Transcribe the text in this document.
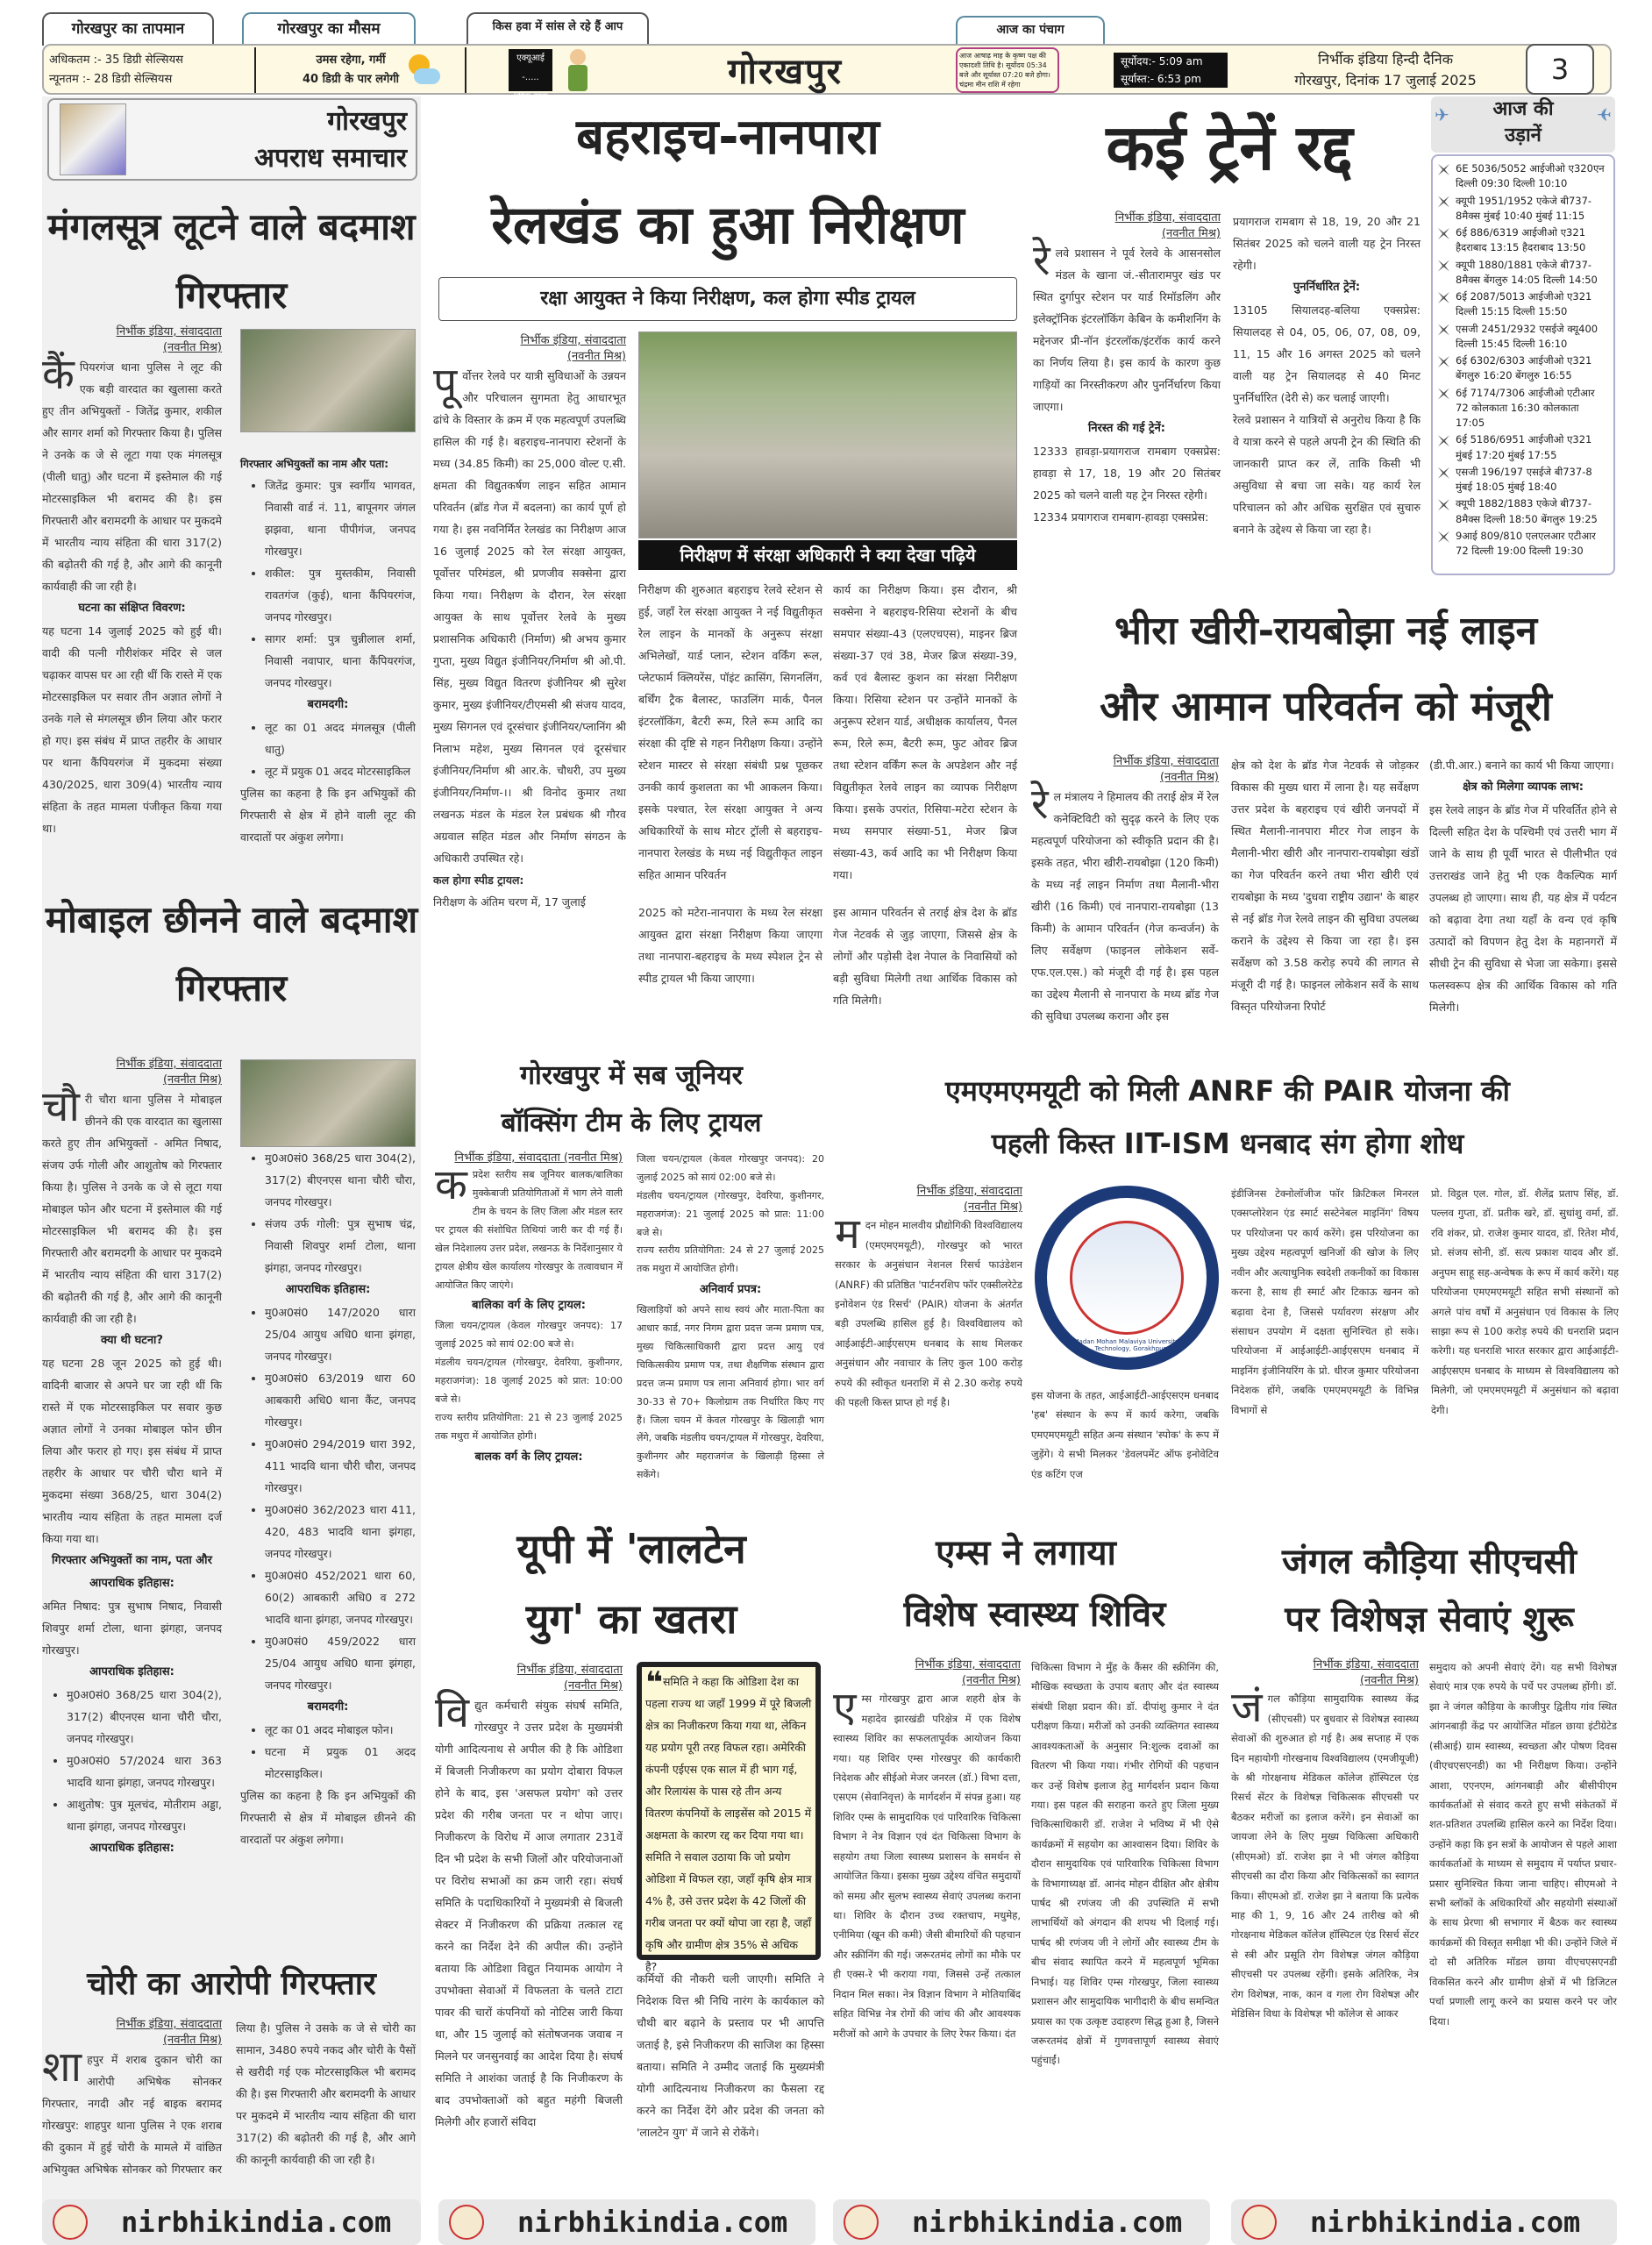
गोरखपुर का तापमान	गोरखपुर का मौसम	किस हवा में सांस ले रहे हैं आप	आज का पंचाग
अधिकतम :- 35 डिग्री सेल्सियस
न्यूनतम :- 28 डिग्री सेल्सियस
उमस रहेगा, गर्मी
40 डिग्री के पार लगेगी
एक्यूआई -.....
(ठीक-ठाक है)
गोरखपुर	आज आषाढ़ माह के कृष्ण पक्ष की एकादशी तिथि है। सूर्योदय 05:34 बजे और सूर्यास्त 07:20 बजे होगा। चंद्रमा मीन राशि में रहेगा
सूर्योदय:- 5:09 am
सूर्यास्त:- 6:53 pm
निर्भीक इंडिया हिन्दी दैनिक
गोरखपुर, दिनांक 17 जुलाई 2025	3
गोरखपुर
अपराध समाचार
मंगलसूत्र लूटने वाले बदमाश गिरफ्तार
निर्भीक इंडिया, संवाददाता
(नवनीत मिश्र)
कैंपियरगंज थाना पुलिस ने लूट की एक बड़ी वारदात का खुलासा करते हुए तीन अभियुक्तों - जितेंद्र कुमार, शकील और सागर शर्मा को गिरफ्तार किया है। पुलिस ने उनके क जे से लूटा गया एक मंगलसूत्र (पीली धातु) और घटना में इस्तेमाल की गई मोटरसाइकिल भी बरामद की है। इस गिरफ्तारी और बरामदगी के आधार पर मुकदमे में भारतीय न्याय संहिता की धारा 317(2) की बढ़ोतरी की गई है, और आगे की कानूनी कार्यवाही की जा रही है।
घटना का संक्षिप्त विवरण:
यह घटना 14 जुलाई 2025 को हुई थी। वादी की पत्नी गौरीशंकर मंदिर से जल चढ़ाकर वापस घर आ रही थीं कि रास्ते में एक मोटरसाइकिल पर सवार तीन अज्ञात लोगों ने उनके गले से मंगलसूत्र छीन लिया और फरार हो गए। इस संबंध में प्राप्त तहरीर के आधार पर थाना कैंपियरगंज में मुकदमा संख्या 430/2025, धारा 309(4) भारतीय न्याय संहिता के तहत मामला पंजीकृत किया गया था।
गिरफ्तार अभियुक्तों का नाम और पता:
• जितेंद्र कुमार: पुत्र स्वर्गीय भागवत, निवासी वार्ड नं. 11, बापूनगर जंगल झझवा, थाना पीपीगंज, जनपद गोरखपुर।
• शकील: पुत्र मुस्तकीम, निवासी रावतगंज (कुई), थाना कैंपियरगंज, जनपद गोरखपुर।
• सागर शर्मा: पुत्र चुन्नीलाल शर्मा, निवासी नवापार, थाना कैंपियरगंज, जनपद गोरखपुर।
बरामदगी:
• लूट का 01 अदद मंगलसूत्र (पीली धातु)
• लूट में प्रयुक 01 अदद मोटरसाइकिल
पुलिस का कहना है कि इन अभियुकों की गिरफ्तारी से क्षेत्र में होने वाली लूट की वारदातों पर अंकुश लगेगा।
मोबाइल छीनने वाले बदमाश गिरफ्तार
निर्भीक इंडिया, संवाददाता
(नवनीत मिश्र)
चौरी चौरा थाना पुलिस ने मोबाइल छीनने की एक वारदात का खुलासा करते हुए तीन अभियुक्तों - अमित निषाद, संजय उर्फ गोली और आशुतोष को गिरफ्तार किया है। पुलिस ने उनके क जे से लूटा गया मोबाइल फोन और घटना में इस्तेमाल की गई मोटरसाइकिल भी बरामद की है। इस गिरफ्तारी और बरामदगी के आधार पर मुकदमे में भारतीय न्याय संहिता की धारा 317(2) की बढ़ोतरी की गई है, और आगे की कानूनी कार्यवाही की जा रही है।
क्या थी घटना?
यह घटना 28 जून 2025 को हुई थी। वादिनी बाजार से अपने घर जा रही थीं कि रास्ते में एक मोटरसाइकिल पर सवार कुछ अज्ञात लोगों ने उनका मोबाइल फोन छीन लिया और फरार हो गए। इस संबंध में प्राप्त तहरीर के आधार पर चौरी चौरा थाने में मुकदमा संख्या 368/25, धारा 304(2) भारतीय न्याय संहिता के तहत मामला दर्ज किया गया था।
गिरफ्तार अभियुक्तों का नाम, पता और आपराधिक इतिहास:
अमित निषाद: पुत्र सुभाष निषाद, निवासी शिवपुर शर्मा टोला, थाना झंगहा, जनपद गोरखपुर।
आपराधिक इतिहास:
• मु0अ0सं0 368/25 धारा 304(2), 317(2) बीएनएस थाना चौरी चौरा, जनपद गोरखपुर।
• मु0अ0सं0 57/2024 धारा 363 भादवि थाना झंगहा, जनपद गोरखपुर।
• आशुतोष: पुत्र मूलचंद, मोतीराम अड्डा, थाना झंगहा, जनपद गोरखपुर।
आपराधिक इतिहास:
• मु0अ0सं0 368/25 धारा 304(2), 317(2) बीएनएस थाना चौरी चौरा, जनपद गोरखपुर।
• संजय उर्फ गोली: पुत्र सुभाष चंद्र, निवासी शिवपुर शर्मा टोला, थाना झंगहा, जनपद गोरखपुर।
आपराधिक इतिहास:
• मु0अ0सं0 147/2020 धारा 25/04 आयुध अधि0 थाना झंगहा, जनपद गोरखपुर।
• मु0अ0सं0 63/2019 धारा 60 आबकारी अधि0 थाना कैंट, जनपद गोरखपुर।
• मु0अ0सं0 294/2019 धारा 392, 411 भादवि थाना चौरी चौरा, जनपद गोरखपुर।
• मु0अ0सं0 362/2023 धारा 411, 420, 483 भादवि थाना झंगहा, जनपद गोरखपुर।
• मु0अ0सं0 452/2021 धारा 60, 60(2) आबकारी अधि0 व 272 भादवि थाना झंगहा, जनपद गोरखपुर।
• मु0अ0सं0 459/2022 धारा 25/04 आयुध अधि0 थाना झंगहा, जनपद गोरखपुर।
बरामदगी:
• लूट का 01 अदद मोबाइल फोन।
• घटना में प्रयुक 01 अदद मोटरसाइकिल।
पुलिस का कहना है कि इन अभियुकों की गिरफ्तारी से क्षेत्र में मोबाइल छीनने की वारदातों पर अंकुश लगेगा।
चोरी का आरोपी गिरफ्तार
निर्भीक इंडिया, संवाददाता
(नवनीत मिश्र)
शाहपुर में शराब दुकान चोरी का आरोपी अभिषेक सोनकर गिरफ्तार, नगदी और नई बाइक बरामद गोरखपुर: शाहपुर थाना पुलिस ने एक शराब की दुकान में हुई चोरी के मामले में वांछित अभियुक्त अभिषेक सोनकर को गिरफ्तार कर लिया है। पुलिस ने उसके क जे से चोरी का सामान, 3480 रुपये नकद और चोरी के पैसों से खरीदी गई एक मोटरसाइकिल भी बरामद की है। इस गिरफ्तारी और बरामदगी के आधार पर मुकदमे में भारतीय न्याय संहिता की धारा 317(2) की बढ़ोतरी की गई है, और आगे की कानूनी कार्यवाही की जा रही है।
बहराइच-नानपारा
रेलखंड का हुआ निरीक्षण
रक्षा आयुक्त ने किया निरीक्षण, कल होगा स्पीड ट्रायल
निर्भीक इंडिया, संवाददाता
(नवनीत मिश्र)
पूर्वोत्तर रेलवे पर यात्री सुविधाओं के उन्नयन और परिचालन सुगमता हेतु आधारभूत ढांचे के विस्तार के क्रम में एक महत्वपूर्ण उपलब्धि हासिल की गई है। बहराइच-नानपारा स्टेशनों के मध्य (34.85 किमी) का 25,000 वोल्ट ए.सी. क्षमता की विद्युतकर्षण लाइन सहित आमान परिवर्तन (ब्रॉड गेज में बदलना) का कार्य पूर्ण हो गया है। इस नवनिर्मित रेलखंड का निरीक्षण आज 16 जुलाई 2025 को रेल संरक्षा आयुक्त, पूर्वोत्तर परिमंडल, श्री प्रणजीव सक्सेना द्वारा किया गया। निरीक्षण के दौरान, रेल संरक्षा आयुक्त के साथ पूर्वोत्तर रेलवे के मुख्य प्रशासनिक अधिकारी (निर्माण) श्री अभय कुमार गुप्ता, मुख्य विद्युत इंजीनियर/निर्माण श्री ओ.पी. सिंह, मुख्य विद्युत वितरण इंजीनियर श्री सुरेश कुमार, मुख्य इंजीनियर/टीएमसी श्री संजय यादव, मुख्य सिगनल एवं दूरसंचार इंजीनियर/प्लानिंग श्री निलाभ महेश, मुख्य सिगनल एवं दूरसंचार इंजीनियर/निर्माण श्री आर.के. चौधरी, उप मुख्य इंजीनियर/निर्माण-।। श्री विनोद कुमार तथा लखनऊ मंडल के मंडल रेल प्रबंधक श्री गौरव अग्रवाल सहित मंडल और निर्माण संगठन के अधिकारी उपस्थित रहे।
कल होगा स्पीड ट्रायल:
निरीक्षण के अंतिम चरण में, 17 जुलाई
निरीक्षण में संरक्षा अधिकारी ने क्या देखा पढ़िये
निरीक्षण की शुरुआत बहराइच रेलवे स्टेशन से हुई, जहाँ रेल संरक्षा आयुक्त ने नई विद्युतीकृत रेल लाइन के मानकों के अनुरूप संरक्षा अभिलेखों, यार्ड प्लान, स्टेशन वर्किंग रूल, प्लेटफार्म क्लियरेंस, पॉइंट क्रासिंग, सिगनलिंग, बर्थिंग ट्रैक बैलास्ट, फाउलिंग मार्क, पैनल इंटरलॉकिंग, बैटरी रूम, रिले रूम आदि का संरक्षा की दृष्टि से गहन निरीक्षण किया। उन्होंने स्टेशन मास्टर से संरक्षा संबंधी प्रश्न पूछकर उनकी कार्य कुशलता का भी आकलन किया। इसके पश्चात, रेल संरक्षा आयुक्त ने अन्य अधिकारियों के साथ मोटर ट्रॉली से बहराइच-नानपारा रेलखंड के मध्य नई विद्युतीकृत लाइन सहित आमान परिवर्तन
2025 को मटेरा-नानपारा के मध्य रेल संरक्षा आयुक्त द्वारा संरक्षा निरीक्षण किया जाएगा तथा नानपारा-बहराइच के मध्य स्पेशल ट्रेन से स्पीड ट्रायल भी किया जाएगा।
कार्य का निरीक्षण किया। इस दौरान, श्री सक्सेना ने बहराइच-रिसिया स्टेशनों के बीच समपार संख्या-43 (एलएचएस), माइनर ब्रिज संख्या-37 एवं 38, मेजर ब्रिज संख्या-39, कर्व एवं बैलास्ट कुशन का संरक्षा निरीक्षण किया। रिसिया स्टेशन पर उन्होंने मानकों के अनुरूप स्टेशन यार्ड, अधीक्षक कार्यालय, पैनल रूम, रिले रूम, बैटरी रूम, फुट ओवर ब्रिज तथा स्टेशन वर्किंग रूल के अपडेशन और नई विद्युतीकृत रेलवे लाइन का व्यापक निरीक्षण किया। इसके उपरांत, रिसिया-मटेरा स्टेशन के मध्य समपार संख्या-51, मेजर ब्रिज संख्या-43, कर्व आदि का भी निरीक्षण किया गया।
इस आमान परिवर्तन से तराई क्षेत्र देश के ब्रॉड गेज नेटवर्क से जुड़ जाएगा, जिससे क्षेत्र के लोगों और पड़ोसी देश नेपाल के निवासियों को बड़ी सुविधा मिलेगी तथा आर्थिक विकास को गति मिलेगी।
कई ट्रेनें रद्द
निर्भीक इंडिया, संवाददाता
(नवनीत मिश्र)
रेलवे प्रशासन ने पूर्व रेलवे के आसनसोल मंडल के खाना जं.-सीतारामपुर खंड पर स्थित दुर्गापुर स्टेशन पर यार्ड रिमॉडलिंग और इलेक्ट्रॉनिक इंटरलॉकिंग केबिन के कमीशनिंग के मद्देनजर प्री-नॉन इंटरलॉक/इंटरॉक कार्य करने का निर्णय लिया है। इस कार्य के कारण कुछ गाड़ियों का निरस्तीकरण और पुनर्निर्धारण किया जाएगा।
निरस्त की गई ट्रेनें:
12333 हावड़ा-प्रयागराज रामबाग एक्सप्रेस: हावड़ा से 17, 18, 19 और 20 सितंबर 2025 को चलने वाली यह ट्रेन निरस्त रहेगी।
12334 प्रयागराज रामबाग-हावड़ा एक्सप्रेस:
प्रयागराज रामबाग से 18, 19, 20 और 21 सितंबर 2025 को चलने वाली यह ट्रेन निरस्त रहेगी।
पुनर्निर्धारित ट्रेनें:
13105 सियालदह-बलिया एक्सप्रेस: सियालदह से 04, 05, 06, 07, 08, 09, 11, 15 और 16 अगस्त 2025 को चलने वाली यह ट्रेन सियालदह से 40 मिनट पुनर्निर्धारित (देरी से) कर चलाई जाएगी।
रेलवे प्रशासन ने यात्रियों से अनुरोध किया है कि वे यात्रा करने से पहले अपनी ट्रेन की स्थिति की जानकारी प्राप्त कर लें, ताकि किसी भी असुविधा से बचा जा सके। यह कार्य रेल परिचालन को और अधिक सुरक्षित एवं सुचारु बनाने के उद्देश्य से किया जा रहा है।
✈	✈
आज की
उड़ानें
6E 5036/5052 आईजीओ ए320एन दिल्ली 09:30 दिल्ली 10:10
क्यूपी 1951/1952 एकेजे बी737-8मैक्स मुंबई 10:40 मुंबई 11:15
6ई 886/6319 आईजीओ ए321 हैदराबाद 13:15 हैदराबाद 13:50
क्यूपी 1880/1881 एकेजे बी737-8मैक्स बेंगलुरु 14:05 दिल्ली 14:50
6ई 2087/5013 आईजीओ ए321 दिल्ली 15:15 दिल्ली 15:50
एसजी 2451/2932 एसईजे क्यू400 दिल्ली 15:45 दिल्ली 16:10
6ई 6302/6303 आईजीओ ए321 बेंगलुरु 16:20 बेंगलुरु 16:55
6ई 7174/7306 आईजीओ एटीआर 72 कोलकाता 16:30 कोलकाता 17:05
6ई 5186/6951 आईजीओ ए321 मुंबई 17:20 मुंबई 17:55
एसजी 196/197 एसईजे बी737-8 मुंबई 18:05 मुंबई 18:40
क्यूपी 1882/1883 एकेजे बी737-8मैक्स दिल्ली 18:50 बेंगलुरु 19:25
9आई 809/810 एलएलआर एटीआर 72 दिल्ली 19:00 दिल्ली 19:30
भीरा खीरी-रायबोझा नई लाइन
और आमान परिवर्तन को मंजूरी
निर्भीक इंडिया, संवाददाता
(नवनीत मिश्र)
रेल मंत्रालय ने हिमालय की तराई क्षेत्र में रेल कनेक्टिविटी को सुदृढ़ करने के लिए एक महत्वपूर्ण परियोजना को स्वीकृति प्रदान की है। इसके तहत, भीरा खीरी-रायबोझा (120 किमी) के मध्य नई लाइन निर्माण तथा मैलानी-भीरा खीरी (16 किमी) एवं नानपारा-रायबोझा (13 किमी) के आमान परिवर्तन (गेज कन्वर्जन) के लिए सर्वेक्षण (फाइनल लोकेशन सर्वे- एफ.एल.एस.) को मंजूरी दी गई है। इस पहल का उद्देश्य मैलानी से नानपारा के मध्य ब्रॉड गेज की सुविधा उपलब्ध कराना और इस
क्षेत्र को देश के ब्रॉड गेज नेटवर्क से जोड़कर विकास की मुख्य धारा में लाना है। यह सर्वेक्षण उत्तर प्रदेश के बहराइच एवं खीरी जनपदों में स्थित मैलानी-नानपारा मीटर गेज लाइन के मैलानी-भीरा खीरी और नानपारा-रायबोझा खंडों का गेज परिवर्तन करने तथा भीरा खीरी एवं रायबोझा के मध्य 'दुधवा राष्ट्रीय उद्यान' के बाहर से नई ब्रॉड गेज रेलवे लाइन की सुविधा उपलब्ध कराने के उद्देश्य से किया जा रहा है। इस सर्वेक्षण को 3.58 करोड़ रुपये की लागत से मंजूरी दी गई है। फाइनल लोकेशन सर्वे के साथ विस्तृत परियोजना रिपोर्ट
(डी.पी.आर.) बनाने का कार्य भी किया जाएगा।
क्षेत्र को मिलेगा व्यापक लाभ:
इस रेलवे लाइन के ब्रॉड गेज में परिवर्तित होने से दिल्ली सहित देश के पश्चिमी एवं उत्तरी भाग में जाने के साथ ही पूर्वी भारत से पीलीभीत एवं उत्तराखंड जाने हेतु भी एक वैकल्पिक मार्ग उपलब्ध हो जाएगा। साथ ही, यह क्षेत्र में पर्यटन को बढ़ावा देगा तथा यहाँ के वन्य एवं कृषि उत्पादों को विपणन हेतु देश के महानगरों में सीधी ट्रेन की सुविधा से भेजा जा सकेगा। इससे फलस्वरूप क्षेत्र की आर्थिक विकास को गति मिलेगी।
गोरखपुर में सब जूनियर
बॉक्सिंग टीम के लिए ट्रायल
निर्भीक इंडिया, संवाददाता (नवनीत मिश्र)
कप्रदेश स्तरीय सब जूनियर बालक/बालिका मुक्केबाजी प्रतियोगिताओं में भाग लेने वाली टीम के चयन के लिए जिला और मंडल स्तर पर ट्रायल की संशोधित तिथियां जारी कर दी गई हैं। खेल निदेशालय उत्तर प्रदेश, लखनऊ के निर्देशानुसार ये ट्रायल क्षेत्रीय खेल कार्यालय गोरखपुर के तत्वावधान में आयोजित किए जाएंगे।
बालिका वर्ग के लिए ट्रायल:
जिला चयन/ट्रायल (केवल गोरखपुर जनपद): 17 जुलाई 2025 को सायं 02:00 बजे से।
मंडलीय चयन/ट्रायल (गोरखपुर, देवरिया, कुशीनगर, महराजगंज): 18 जुलाई 2025 को प्रात: 10:00 बजे से।
राज्य स्तरीय प्रतियोगिता: 21 से 23 जुलाई 2025 तक मथुरा में आयोजित होगी।
बालक वर्ग के लिए ट्रायल:
जिला चयन/ट्रायल (केवल गोरखपुर जनपद): 20 जुलाई 2025 को सायं 02:00 बजे से।
मंडलीय चयन/ट्रायल (गोरखपुर, देवरिया, कुशीनगर, महराजगंज): 21 जुलाई 2025 को प्रात: 11:00 बजे से।
राज्य स्तरीय प्रतियोगिता: 24 से 27 जुलाई 2025 तक मथुरा में आयोजित होगी।
अनिवार्य प्रपत्र:
खिलाड़ियों को अपने साथ स्वयं और माता-पिता का आधार कार्ड, नगर निगम द्वारा प्रदत्त जन्म प्रमाण पत्र, मुख्य चिकित्साधिकारी द्वारा प्रदत्त आयु एवं चिकित्सकीय प्रमाण पत्र, तथा शैक्षणिक संस्थान द्वारा प्रदत्त जन्म प्रमाण पत्र लाना अनिवार्य होगा। भार वर्ग 30-33 से 70+ किलोग्राम तक निर्धारित किए गए हैं। जिला चयन में केवल गोरखपुर के खिलाड़ी भाग लेंगे, जबकि मंडलीय चयन/ट्रायल में गोरखपुर, देवरिया, कुशीनगर और महराजगंज के खिलाड़ी हिस्सा ले सकेंगे।
एमएमएमयूटी को मिली ANRF की PAIR योजना की
पहली किस्त IIT-ISM धनबाद संग होगा शोध
निर्भीक इंडिया, संवाददाता
(नवनीत मिश्र)
मदन मोहन मालवीय प्रौद्योगिकी विश्वविद्यालय (एमएमएमयूटी), गोरखपुर को भारत सरकार के अनुसंधान नेशनल रिसर्च फाउंडेशन (ANRF) की प्रतिष्ठित 'पार्टनरशिप फॉर एक्सीलरेटेड इनोवेशन एंड रिसर्च' (PAIR) योजना के अंतर्गत बड़ी उपलब्धि हासिल हुई है। विश्वविद्यालय को आईआईटी-आईएसएम धनबाद के साथ मिलकर अनुसंधान और नवाचार के लिए कुल 100 करोड़ रुपये की स्वीकृत धनराशि में से 2.30 करोड़ रुपये की पहली किस्त प्राप्त हो गई है।
Madan Mohan Malaviya University of Technology, Gorakhpur
इस योजना के तहत, आईआईटी-आईएसएम धनबाद 'हब' संस्थान के रूप में कार्य करेगा, जबकि एमएमएमयूटी सहित अन्य संस्थान 'स्पोक' के रूप में जुड़ेंगे। ये सभी मिलकर 'डेवलपमेंट ऑफ इनोवेटिव एंड कटिंग एज
इंडीजिनस टेक्नोलॉजीज फॉर क्रिटिकल मिनरल एक्सप्लोरेशन एंड स्मार्ट सस्टेनेबल माइनिंग' विषय पर परियोजना पर कार्य करेंगे। इस परियोजना का मुख्य उद्देश्य महत्वपूर्ण खनिजों की खोज के लिए नवीन और अत्याधुनिक स्वदेशी तकनीकों का विकास करना है, साथ ही स्मार्ट और टिकाऊ खनन को बढ़ावा देना है, जिससे पर्यावरण संरक्षण और संसाधन उपयोग में दक्षता सुनिश्चित हो सके। परियोजना में आईआईटी-आईएसएम धनबाद में माइनिंग इंजीनियरिंग के प्रो. धीरज कुमार परियोजना निदेशक होंगे, जबकि एमएमएमयूटी के विभिन्न विभागों से
प्रो. विट्ठल एल. गोल, डॉ. शैलेंद्र प्रताप सिंह, डॉ. पल्लव गुप्ता, डॉ. प्रतीक खरे, डॉ. सुधांशु वर्मा, डॉ. रवि शंकर, प्रो. राजेश कुमार यादव, डॉ. रितेश मौर्य, प्रो. संजय सोनी, डॉ. सत्य प्रकाश यादव और डॉ. अनुपम साहू सह-अन्वेषक के रूप में कार्य करेंगे। यह परियोजना एमएमएमयूटी सहित सभी संस्थानों को अगले पांच वर्षों में अनुसंधान एवं विकास के लिए साझा रूप से 100 करोड़ रुपये की धनराशि प्रदान करेगी। यह धनराशि भारत सरकार द्वारा आईआईटी-आईएसएम धनबाद के माध्यम से विश्वविद्यालय को मिलेगी, जो एमएमएमयूटी में अनुसंधान को बढ़ावा देगी।
यूपी में 'लालटेन
युग' का खतरा
निर्भीक इंडिया, संवाददाता
(नवनीत मिश्र)
विद्युत कर्मचारी संयुक संघर्ष समिति, गोरखपुर ने उत्तर प्रदेश के मुख्यमंत्री योगी आदित्यनाथ से अपील की है कि ओडिशा में बिजली निजीकरण का प्रयोग दोबारा विफल होने के बाद, इस 'असफल प्रयोग' को उत्तर प्रदेश की गरीब जनता पर न थोपा जाए। निजीकरण के विरोध में आज लगातार 231वें दिन भी प्रदेश के सभी जिलों और परियोजनाओं पर विरोध सभाओं का क्रम जारी रहा। संघर्ष समिति के पदाधिकारियों ने मुख्यमंत्री से बिजली सेक्टर में निजीकरण की प्रक्रिया तत्काल रद्द करने का निर्देश देने की अपील की। उन्होंने बताया कि ओडिशा विद्युत नियामक आयोग ने उपभोक्ता सेवाओं में विफलता के चलते टाटा पावर की चारों कंपनियों को नोटिस जारी किया था, और 15 जुलाई को संतोषजनक जवाब न मिलने पर जनसुनवाई का आदेश दिया है। संघर्ष समिति ने आशंका जताई है कि निजीकरण के बाद उपभोक्ताओं को बहुत महंगी बिजली मिलेगी और हजारों संविदा
❝समिति ने कहा कि ओडिशा देश का पहला राज्य था जहाँ 1999 में पूरे बिजली क्षेत्र का निजीकरण किया गया था, लेकिन यह प्रयोग पूरी तरह विफल रहा। अमेरिकी कंपनी एईएस एक साल में ही भाग गई, और रिलायंस के पास रहे तीन अन्य वितरण कंपनियों के लाइसेंस को 2015 में अक्षमता के कारण रद्द कर दिया गया था। समिति ने सवाल उठाया कि जो प्रयोग ओडिशा में विफल रहा, जहाँ कृषि क्षेत्र मात्र 4% है, उसे उत्तर प्रदेश के 42 जिलों की गरीब जनता पर क्यों थोपा जा रहा है, जहाँ कृषि और ग्रामीण क्षेत्र 35% से अधिक है?
कर्मियों की नौकरी चली जाएगी। समिति ने निदेशक वित्त श्री निधि नारंग के कार्यकाल को चौथी बार बढ़ाने के प्रस्ताव पर भी आपत्ति जताई है, इसे निजीकरण की साजिश का हिस्सा बताया। समिति ने उम्मीद जताई कि मुख्यमंत्री योगी आदित्यनाथ निजीकरण का फैसला रद्द करने का निर्देश देंगे और प्रदेश की जनता को 'लालटेन युग' में जाने से रोकेंगे।
एम्स ने लगाया
विशेष स्वास्थ्य शिविर
निर्भीक इंडिया, संवाददाता
(नवनीत मिश्र)
एम्स गोरखपुर द्वारा आज शहरी क्षेत्र के महादेव झारखंडी परिक्षेत्र में एक विशेष स्वास्थ्य शिविर का सफलतापूर्वक आयोजन किया गया। यह शिविर एम्स गोरखपुर की कार्यकारी निदेशक और सीईओ मेजर जनरल (डॉ.) विभा दत्ता, एसएम (सेवानिवृत्त) के मार्गदर्शन में संपन्न हुआ। यह शिविर एम्स के सामुदायिक एवं पारिवारिक चिकित्सा विभाग ने नेत्र विज्ञान एवं दंत चिकित्सा विभाग के सहयोग तथा जिला स्वास्थ्य प्रशासन के समर्थन से आयोजित किया। इसका मुख्य उद्देश्य वंचित समुदायों को समग्र और सुलभ स्वास्थ्य सेवाएं उपलब्ध कराना था। शिविर के दौरान उच्च रक्तचाप, मधुमेह, एनीमिया (खून की कमी) जैसी बीमारियों की पहचान और स्क्रीनिंग की गई। जरूरतमंद लोगों का मौके पर ही एक्स-रे भी कराया गया, जिससे उन्हें तत्काल निदान मिल सका। नेत्र विज्ञान विभाग ने मोतियाबिंद सहित विभिन्न नेत्र रोगों की जांच की और आवश्यक मरीजों को आगे के उपचार के लिए रेफर किया। दंत
चिकित्सा विभाग ने मुँह के कैंसर की स्क्रीनिंग की, मौखिक स्वच्छता के उपाय बताए और दंत स्वास्थ्य संबंधी शिक्षा प्रदान की। डॉ. दीपांशु कुमार ने दंत परीक्षण किया। मरीजों को उनकी व्यक्तिगत स्वास्थ्य आवश्यकताओं के अनुसार नि:शुल्क दवाओं का वितरण भी किया गया। गंभीर रोगियों की पहचान कर उन्हें विशेष इलाज हेतु मार्गदर्शन प्रदान किया गया। इस पहल की सराहना करते हुए जिला मुख्य चिकित्साधिकारी डॉ. राजेश ने भविष्य में भी ऐसे कार्यक्रमों में सहयोग का आश्वासन दिया। शिविर के दौरान सामुदायिक एवं पारिवारिक चिकित्सा विभाग के विभागाध्यक्ष डॉ. आनंद मोहन दीक्षित और क्षेत्रीय पार्षद श्री रणंजय जी की उपस्थिति में सभी लाभार्थियों को अंगदान की शपथ भी दिलाई गई। पार्षद श्री रणंजय जी ने लोगों और स्वास्थ्य टीम के बीच संवाद स्थापित करने में महत्वपूर्ण भूमिका निभाई। यह शिविर एम्स गोरखपुर, जिला स्वास्थ्य प्रशासन और सामुदायिक भागीदारी के बीच समन्वित प्रयास का एक उत्कृष्ट उदाहरण सिद्ध हुआ है, जिसने जरूरतमंद क्षेत्रों में गुणवत्तापूर्ण स्वास्थ्य सेवाएं पहुंचाईं।
जंगल कौड़िया सीएचसी
पर विशेषज्ञ सेवाएं शुरू
निर्भीक इंडिया, संवाददाता
(नवनीत मिश्र)
जंगल कौड़िया सामुदायिक स्वास्थ्य केंद्र (सीएचसी) पर बुधवार से विशेषज्ञ स्वास्थ्य सेवाओं की शुरुआत हो गई है। अब सप्ताह में एक दिन महायोगी गोरखनाथ विश्वविद्यालय (एमजीयूजी) के श्री गोरक्षनाथ मेडिकल कॉलेज हॉस्पिटल एंड रिसर्च सेंटर के विशेषज्ञ चिकित्सक सीएचसी पर बैठकर मरीजों का इलाज करेंगे। इन सेवाओं का जायजा लेने के लिए मुख्य चिकित्सा अधिकारी (सीएमओ) डॉ. राजेश झा ने भी जंगल कौड़िया सीएचसी का दौरा किया और चिकित्सकों का स्वागत किया। सीएमओ डॉ. राजेश झा ने बताया कि प्रत्येक माह की 1, 9, 16 और 24 तारीख को श्री गोरक्षनाथ मेडिकल कॉलेज हॉस्पिटल एंड रिसर्च सेंटर से स्त्री और प्रसूति रोग विशेषज्ञ जंगल कौड़िया सीएचसी पर उपलब्ध रहेंगी। इसके अतिरिक, नेत्र रोग विशेषज्ञ, नाक, कान व गला रोग विशेषज्ञ और मेडिसिन विधा के विशेषज्ञ भी कॉलेज से आकर
समुदाय को अपनी सेवाएं देंगे। यह सभी विशेषज्ञ सेवाएं मात्र एक रुपये के पर्चे पर उपलब्ध होंगी। डॉ. झा ने जंगल कौड़िया के काजीपुर द्वितीय गांव स्थित आंगनबाड़ी केंद्र पर आयोजित मॉडल छाया इंटीग्रेटेड (सीआई) ग्राम स्वास्थ्य, स्वच्छता और पोषण दिवस (वीएचएसएनडी) का भी निरीक्षण किया। उन्होंने आशा, एएनएम, आंगनबाड़ी और बीसीपीएम कार्यकर्ताओं से संवाद करते हुए सभी संकेतकों में शत-प्रतिशत उपलब्धि हासिल करने का निर्देश दिया। उन्होंने कहा कि इन सत्रों के आयोजन से पहले आशा कार्यकर्ताओं के माध्यम से समुदाय में पर्याप्त प्रचार-प्रसार सुनिश्चित किया जाना चाहिए। सीएमओ ने सभी ब्लॉकों के अधिकारियों और सहयोगी संस्थाओं के साथ प्रेरणा श्री सभागार में बैठक कर स्वास्थ्य कार्यक्रमों की विस्तृत समीक्षा भी की। उन्होंने जिले में दो सौ अतिरिक मॉडल छाया वीएचएसएनडी विकसित करने और ग्रामीण क्षेत्रों में भी डिजिटल पर्चा प्रणाली लागू करने का प्रयास करने पर जोर दिया।
nirbhikindia.com	nirbhikindia.com	nirbhikindia.com	nirbhikindia.com
